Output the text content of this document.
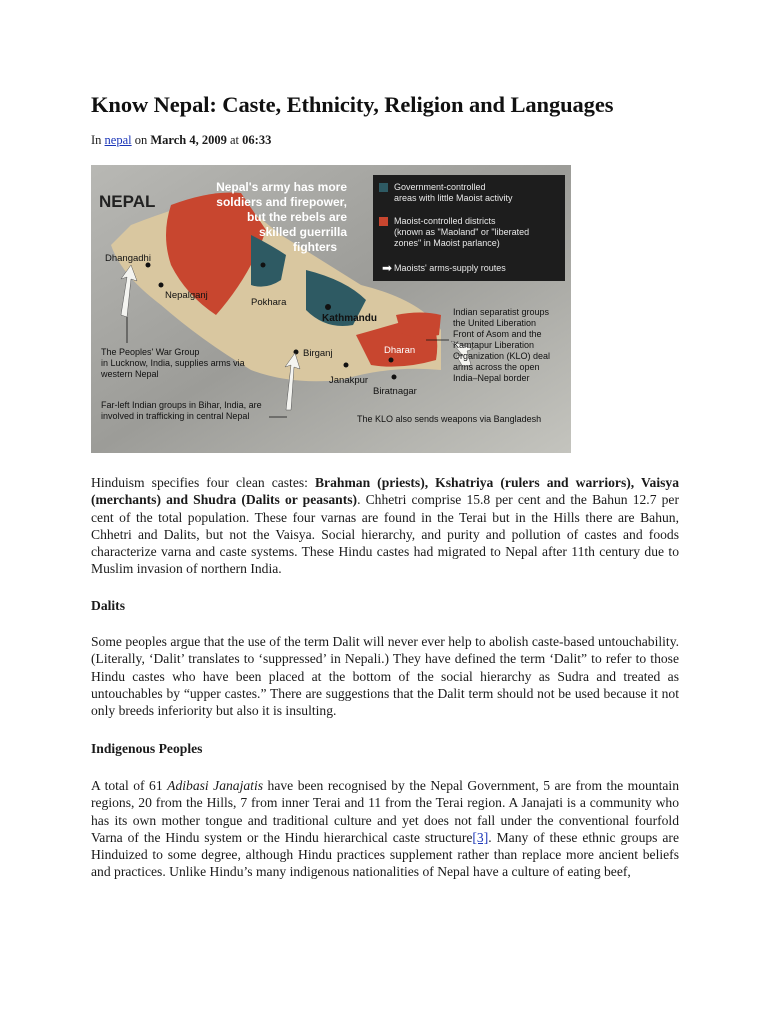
Know Nepal: Caste, Ethnicity, Religion and Languages
In nepal on March 4, 2009 at 06:33
NEPAL
Nepal's army has more
soldiers and firepower,
but the rebels are
skilled guerrilla
fighters
➡
Government-controlled
areas with little Maoist activity
Maoist-controlled districts
(known as "Maoland" or "liberated
zones" in Maoist parlance)
Maoists' arms-supply routes
Dhangadhi
Nepalganj
Pokhara
Kathmandu
Birganj
Janakpur
Dharan
Biratnagar
The Peoples' War Group
in Lucknow, India, supplies arms via
western Nepal
Far-left Indian groups in Bihar, India, are
involved in trafficking in central Nepal
Indian separatist groups
the United Liberation
Front of Asom and the
Kamtapur Liberation
Organization (KLO) deal
arms across the open
India–Nepal border
The KLO also sends weapons via Bangladesh

Hinduism specifies four clean castes: Brahman (priests), Kshatriya (rulers and warriors), Vaisya (merchants) and Shudra (Dalits or peasants). Chhetri comprise 15.8 per cent and the Bahun 12.7 per cent of the total population. These four varnas are found in the Terai but in the Hills there are Bahun, Chhetri and Dalits, but not the Vaisya. Social hierarchy, and purity and pollution of castes and foods characterize varna and caste systems. These Hindu castes had migrated to Nepal after 11th century due to Muslim invasion of northern India.

Dalits

Some peoples argue that the use of the term Dalit will never ever help to abolish caste-based untouchability. (Literally, ‘Dalit’ translates to ‘suppressed’ in Nepali.) They have defined the term ‘Dalit” to refer to those Hindu castes who have been placed at the bottom of the social hierarchy as Sudra and treated as untouchables by “upper castes.” There are suggestions that the Dalit term should not be used because it not only breeds inferiority but also it is insulting.

Indigenous Peoples

A total of 61 Adibasi Janajatis have been recognised by the Nepal Government, 5 are from the mountain regions, 20 from the Hills, 7 from inner Terai and 11 from the Terai region. A Janajati is a community who has its own mother tongue and traditional culture and yet does not fall under the conventional fourfold Varna of the Hindu system or the Hindu hierarchical caste structure[3]. Many of these ethnic groups are Hinduized to some degree, although Hindu practices supplement rather than replace more ancient beliefs and practices. Unlike Hindu’s many indigenous nationalities of Nepal have a culture of eating beef,
